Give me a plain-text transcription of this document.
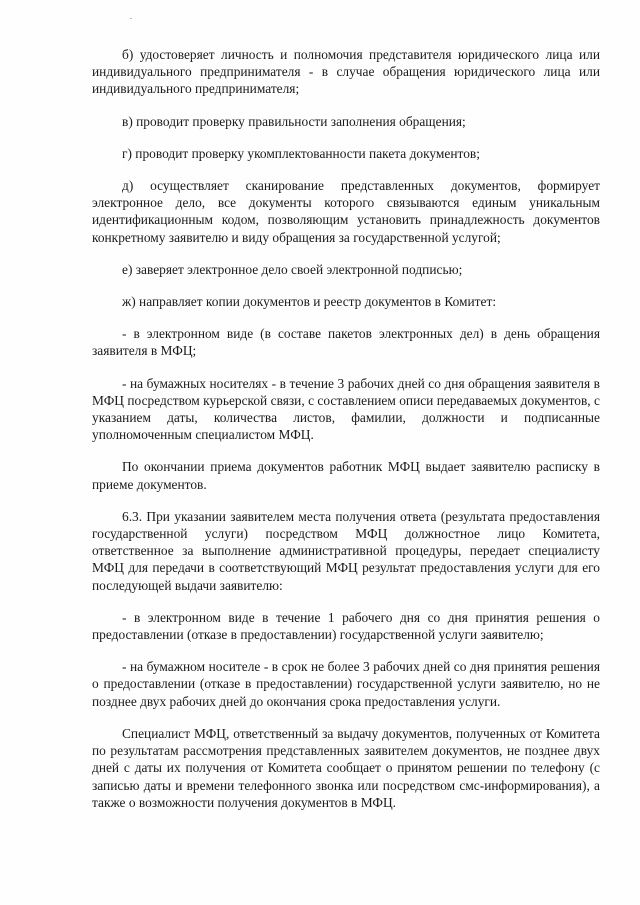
б) удостоверяет личность и полномочия представителя юридического лица или индивидуального предпринимателя - в случае обращения юридического лица или индивидуального предпринимателя;

в) проводит проверку правильности заполнения обращения;

г) проводит проверку укомплектованности пакета документов;

д) осуществляет сканирование представленных документов, формирует электронное дело, все документы которого связываются единым уникальным идентификационным кодом, позволяющим установить принадлежность документов конкретному заявителю и виду обращения за государственной услугой;

е) заверяет электронное дело своей электронной подписью;

ж) направляет копии документов и реестр документов в Комитет:

- в электронном виде (в составе пакетов электронных дел) в день обращения заявителя в МФЦ;

- на бумажных носителях - в течение 3 рабочих дней со дня обращения заявителя в МФЦ посредством курьерской связи, с составлением описи передаваемых документов, с указанием даты, количества листов, фамилии, должности и подписанные уполномоченным специалистом МФЦ.

По окончании приема документов работник МФЦ выдает заявителю расписку в приеме документов.

6.3. При указании заявителем места получения ответа (результата предоставления государственной услуги) посредством МФЦ должностное лицо Комитета, ответственное за выполнение административной процедуры, передает специалисту МФЦ для передачи в соответствующий МФЦ результат предоставления услуги для его последующей выдачи заявителю:

- в электронном виде в течение 1 рабочего дня со дня принятия решения о предоставлении (отказе в предоставлении) государственной услуги заявителю;

- на бумажном носителе - в срок не более 3 рабочих дней со дня принятия решения о предоставлении (отказе в предоставлении) государственной услуги заявителю, но не позднее двух рабочих дней до окончания срока предоставления услуги.

Специалист МФЦ, ответственный за выдачу документов, полученных от Комитета по результатам рассмотрения представленных заявителем документов, не позднее двух дней с даты их получения от Комитета сообщает о принятом решении по телефону (с записью даты и времени телефонного звонка или посредством смс-информирования), а также о возможности получения документов в МФЦ.
